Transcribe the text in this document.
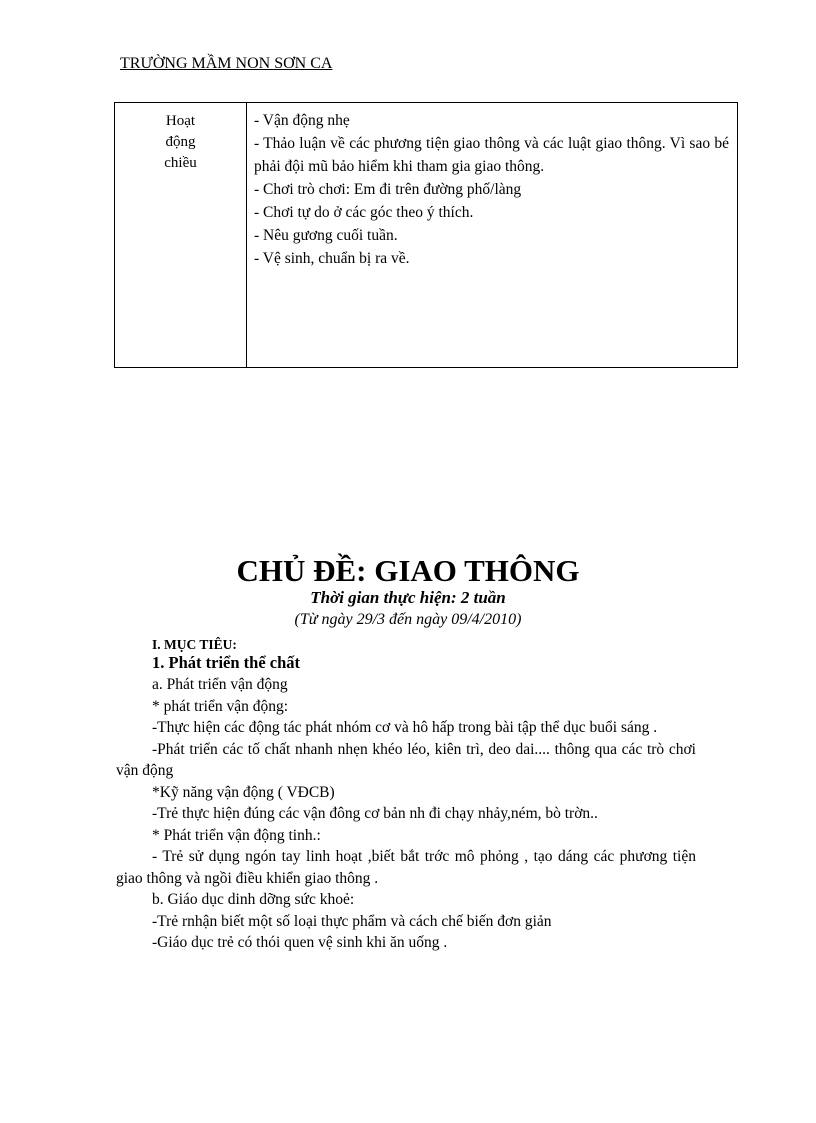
TRƯỜNG MẦM NON SƠN CA
Hoạt
động
chiều
- Vận động nhẹ
- Thảo luận về các phương tiện giao thông và các luật giao thông. Vì sao bé phải đội mũ bảo hiểm khi tham gia giao thông.
- Chơi trò chơi: Em đi trên đường phố/làng
- Chơi tự do ở các góc theo ý thích.
- Nêu gương cuối tuần.
- Vệ sinh, chuẩn bị ra về.
CHỦ ĐỀ: GIAO THÔNG
Thời gian thực hiện: 2 tuần
(Từ ngày 29/3 đến ngày 09/4/2010)
I. MỤC TIÊU:
1. Phát triển thể chất
a. Phát triển vận động
* phát triển vận động:
-Thực hiện các động tác phát nhóm cơ và hô hấp trong bài tập thể dục buổi sáng .
-Phát triển các tố chất nhanh nhẹn khéo léo, kiên trì, deo dai.... thông qua các trò chơi vận động
*Kỹ năng vận động ( VĐCB)
-Trẻ thực hiện đúng các vận đông cơ bản nh đi chạy nhảy,ném, bò trờn..
* Phát triển vận động tinh.:
- Trẻ sử dụng ngón tay linh hoạt ,biết bắt trớc mô phỏng , tạo dáng các phương tiện giao thông và ngồi điều khiển giao thông .
b. Giáo dục dinh dỡng sức khoẻ:
-Trẻ rnhận biết một số loại thực phẩm và cách chế biến đơn giản
-Giáo dục trẻ có thói quen vệ sinh khi ăn uống .
